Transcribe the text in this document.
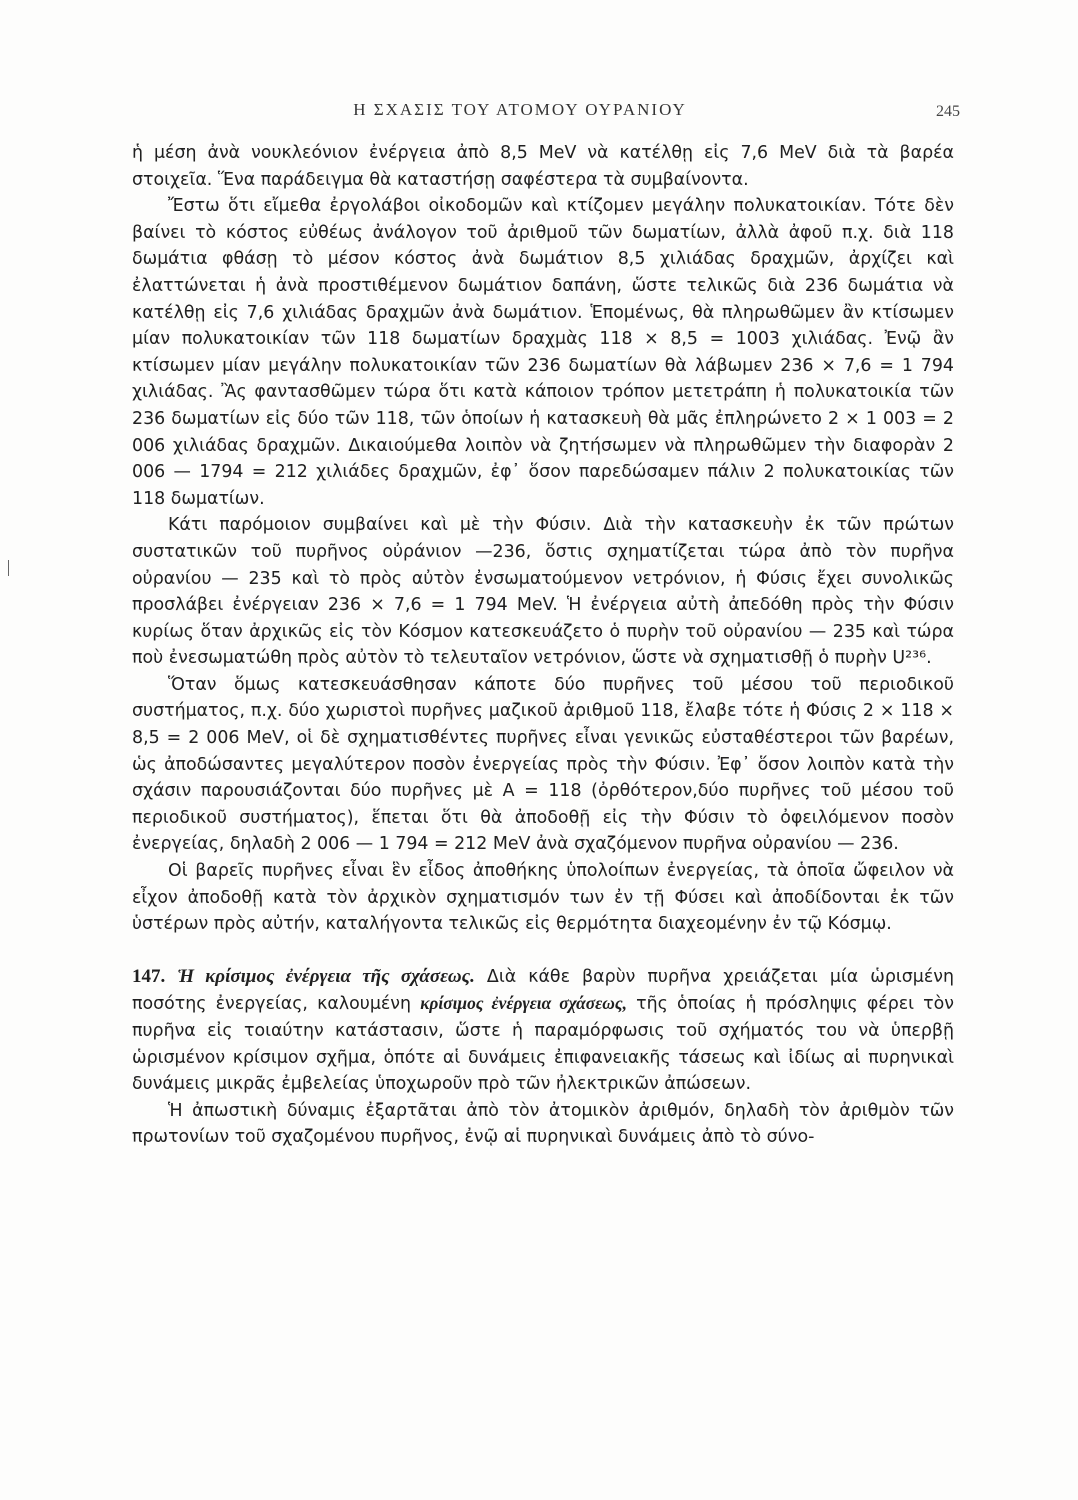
Η ΣΧΑΣΙΣ ΤΟΥ ΑΤΟΜΟΥ ΟΥΡΑΝΙΟΥ	245

ἡ μέση ἀνὰ νουκλεόνιον ἐνέργεια ἀπὸ 8,5 MeV νὰ κατέλθῃ εἰς 7,6 MeV διὰ τὰ βαρέα στοιχεῖα. Ἕνα παράδειγμα θὰ καταστήσῃ σαφέστερα τὰ συμβαίνοντα.

Ἔστω ὅτι εἴμεθα ἐργολάβοι οἰκοδομῶν καὶ κτίζομεν μεγάλην πολυκατοικίαν. Τότε δὲν βαίνει τὸ κόστος εὐθέως ἀνάλογον τοῦ ἀριθμοῦ τῶν δωματίων, ἀλλὰ ἀφοῦ π.χ. διὰ 118 δωμάτια φθάσῃ τὸ μέσον κόστος ἀνὰ δωμάτιον 8,5 χιλιάδας δραχμῶν, ἀρχίζει καὶ ἐλαττώνεται ἡ ἀνὰ προστιθέμενον δωμάτιον δαπάνη, ὥστε τελικῶς διὰ 236 δωμάτια νὰ κατέλθῃ εἰς 7,6 χιλιάδας δραχμῶν ἀνὰ δωμάτιον. Ἑπομένως, θὰ πληρωθῶμεν ἂν κτίσωμεν μίαν πολυκατοικίαν τῶν 118 δωματίων δραχμὰς 118 × 8,5 = 1003 χιλιάδας. Ἐνῷ ἂν κτίσωμεν μίαν μεγάλην πολυκατοικίαν τῶν 236 δωματίων θὰ λάβωμεν 236 × 7,6 = 1 794 χιλιάδας. Ἂς φαντασθῶμεν τώρα ὅτι κατὰ κάποιον τρόπον μετετράπη ἡ πολυκατοικία τῶν 236 δωματίων εἰς δύο τῶν 118, τῶν ὁποίων ἡ κατασκευὴ θὰ μᾶς ἐπληρώνετο 2 × 1 003 = 2 006 χιλιάδας δραχμῶν. Δικαιούμεθα λοιπὸν νὰ ζητήσωμεν νὰ πληρωθῶμεν τὴν διαφορὰν 2 006 — 1794 = 212 χιλιάδες δραχμῶν, ἐφ᾽ ὅσον παρεδώσαμεν πάλιν 2 πολυκατοικίας τῶν 118 δωματίων.

Κάτι παρόμοιον συμβαίνει καὶ μὲ τὴν Φύσιν. Διὰ τὴν κατασκευὴν ἐκ τῶν πρώτων συστατικῶν τοῦ πυρῆνος οὐράνιον —236, ὅστις σχηματίζεται τώρα ἀπὸ τὸν πυρῆνα οὐρανίου — 235 καὶ τὸ πρὸς αὐτὸν ἐνσωματούμενον νετρόνιον, ἡ Φύσις ἔχει συνολικῶς προσλάβει ἐνέργειαν 236 × 7,6 = 1 794 MeV. Ἡ ἐνέργεια αὐτὴ ἀπεδόθη πρὸς τὴν Φύσιν κυρίως ὅταν ἀρχικῶς εἰς τὸν Κόσμον κατεσκευάζετο ὁ πυρὴν τοῦ οὐρανίου — 235 καὶ τώρα ποὺ ἐνεσωματώθη πρὸς αὐτὸν τὸ τελευταῖον νετρόνιον, ὥστε νὰ σχηματισθῇ ὁ πυρὴν U²³⁶.

Ὅταν ὅμως κατεσκευάσθησαν κάποτε δύο πυρῆνες τοῦ μέσου τοῦ περιοδικοῦ συστήματος, π.χ. δύο χωριστοὶ πυρῆνες μαζικοῦ ἀριθμοῦ 118, ἔλαβε τότε ἡ Φύσις 2 × 118 × 8,5 = 2 006 MeV, οἱ δὲ σχηματισθέντες πυρῆνες εἶναι γενικῶς εὐσταθέστεροι τῶν βαρέων, ὡς ἀποδώσαντες μεγαλύτερον ποσὸν ἐνεργείας πρὸς τὴν Φύσιν. Ἐφ᾽ ὅσον λοιπὸν κατὰ τὴν σχάσιν παρουσιάζονται δύο πυρῆνες μὲ A = 118 (ὀρθότερον,δύο πυρῆνες τοῦ μέσου τοῦ περιοδικοῦ συστήματος), ἕπεται ὅτι θὰ ἀποδοθῇ εἰς τὴν Φύσιν τὸ ὀφειλόμενον ποσὸν ἐνεργείας, δηλαδὴ 2 006 — 1 794 = 212 MeV ἀνὰ σχαζόμενον πυρῆνα οὐρανίου — 236.

Οἱ βαρεῖς πυρῆνες εἶναι ἓν εἶδος ἀποθήκης ὑπολοίπων ἐνεργείας, τὰ ὁποῖα ὤφειλον νὰ εἶχον ἀποδοθῇ κατὰ τὸν ἀρχικὸν σχηματισμόν των ἐν τῇ Φύσει καὶ ἀποδίδονται ἐκ τῶν ὑστέρων πρὸς αὐτήν, καταλήγοντα τελικῶς εἰς θερμότητα διαχεομένην ἐν τῷ Κόσμῳ.

147. Ἡ κρίσιμος ἐνέργεια τῆς σχάσεως. Διὰ κάθε βαρὺν πυρῆνα χρειάζεται μία ὡρισμένη ποσότης ἐνεργείας, καλουμένη κρίσιμος ἐνέργεια σχάσεως, τῆς ὁποίας ἡ πρόσληψις φέρει τὸν πυρῆνα εἰς τοιαύτην κατάστασιν, ὥστε ἡ παραμόρφωσις τοῦ σχήματός του νὰ ὑπερβῇ ὡρισμένον κρίσιμον σχῆμα, ὁπότε αἱ δυνάμεις ἐπιφανειακῆς τάσεως καὶ ἰδίως αἱ πυρηνικαὶ δυνάμεις μικρᾶς ἐμβελείας ὑποχωροῦν πρὸ τῶν ἠλεκτρικῶν ἀπώσεων.

Ἡ ἀπωστικὴ δύναμις ἐξαρτᾶται ἀπὸ τὸν ἀτομικὸν ἀριθμόν, δηλαδὴ τὸν ἀριθμὸν τῶν πρωτονίων τοῦ σχαζομένου πυρῆνος, ἐνῷ αἱ πυρηνικαὶ δυνάμεις ἀπὸ τὸ σύνο-
